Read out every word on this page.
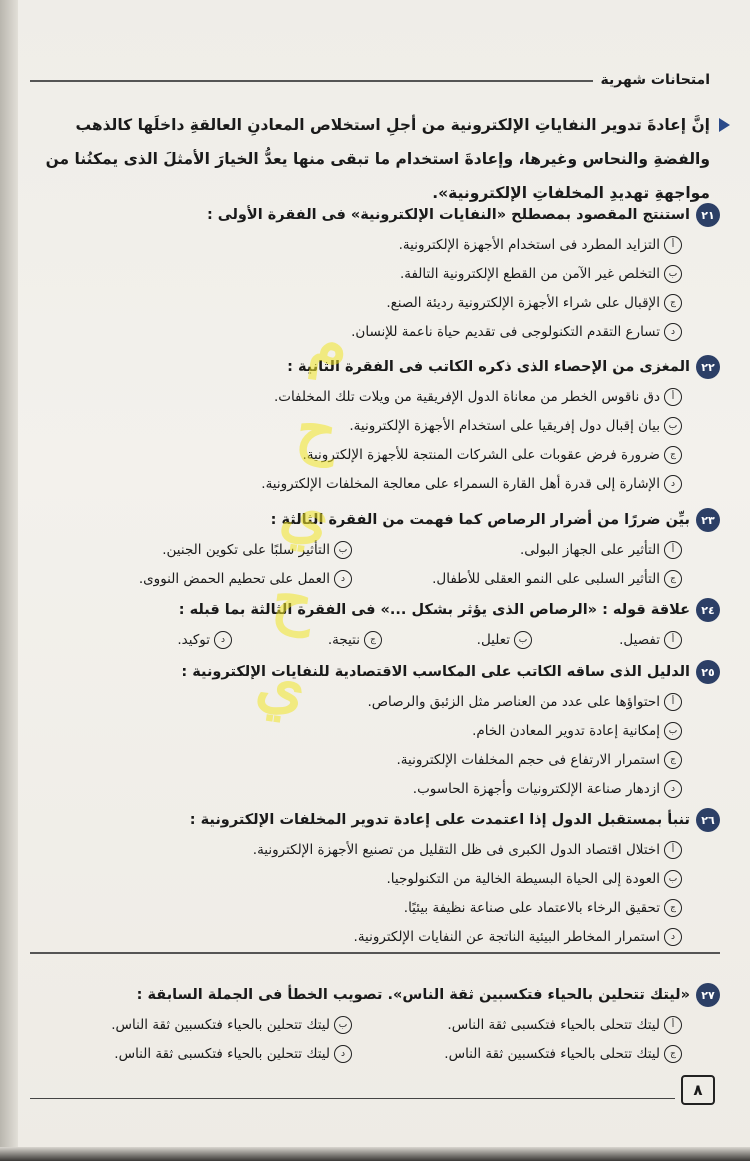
امتحانات شهرية
إنَّ إعادةَ تدوير النفاياتِ الإلكترونية من أجلِ استخلاص المعادنِ العالقةِ داخلَها كالذهب والفضةِ والنحاس وغيرها، وإعادةَ استخدام ما تبقى منها يعدُّ الخيارَ الأمثلَ الذى يمكنُنا من مواجهةِ تهديدِ المخلفاتِ الإلكترونية».
٢١
استنتج المقصود بمصطلح «النفايات الإلكترونية» فى الفقرة الأولى :
أ
التزايد المطرد فى استخدام الأجهزة الإلكترونية.
ب
التخلص غير الآمن من القطع الإلكترونية التالفة.
ج
الإقبال على شراء الأجهزة الإلكترونية رديئة الصنع.
د
تسارع التقدم التكنولوجى فى تقديم حياة ناعمة للإنسان.
٢٢
المغزى من الإحصاء الذى ذكره الكاتب فى الفقرة الثانية :
أ
دق ناقوس الخطر من معاناة الدول الإفريقية من ويلات تلك المخلفات.
ب
بيان إقبال دول إفريقيا على استخدام الأجهزة الإلكترونية.
ج
ضرورة فرض عقوبات على الشركات المنتجة للأجهزة الإلكترونية.
د
الإشارة إلى قدرة أهل القارة السمراء على معالجة المخلفات الإلكترونية.
٢٣
بيِّن ضررًا من أضرار الرصاص كما فهمت من الفقرة الثالثة :
أ
التأثير على الجهاز البولى.
ب
التأثير سلبًا على تكوين الجنين.
ج
التأثير السلبى على النمو العقلى للأطفال.
د
العمل على تحطيم الحمض النووى.
٢٤
علاقة قوله : «الرصاص الذى يؤثر بشكل ...» فى الفقرة الثالثة بما قبله :
أ
تفصيل.
ب
تعليل.
ج
نتيجة.
د
توكيد.
٢٥
الدليل الذى ساقه الكاتب على المكاسب الاقتصادية للنفايات الإلكترونية :
أ
احتواؤها على عدد من العناصر مثل الزئبق والرصاص.
ب
إمكانية إعادة تدوير المعادن الخام.
ج
استمرار الارتفاع فى حجم المخلفات الإلكترونية.
د
ازدهار صناعة الإلكترونيات وأجهزة الحاسوب.
٢٦
تنبأ بمستقبل الدول إذا اعتمدت على إعادة تدوير المخلفات الإلكترونية :
أ
اختلال اقتصاد الدول الكبرى فى ظل التقليل من تصنيع الأجهزة الإلكترونية.
ب
العودة إلى الحياة البسيطة الخالية من التكنولوجيا.
ج
تحقيق الرخاء بالاعتماد على صناعة نظيفة بيئيًا.
د
استمرار المخاطر البيئية الناتجة عن النفايات الإلكترونية.
٢٧
«ليتك تتحلين بالحياء فتكسبين ثقة الناس». تصويب الخطأ فى الجملة السابقة :
أ
ليتك تتحلى بالحياء فتكسبى ثقة الناس.
ب
ليتك تتحلين بالحياء فتكسبين ثقة الناس.
ج
ليتك تتحلى بالحياء فتكسبين ثقة الناس.
د
ليتك تتحلين بالحياء فتكسبى ثقة الناس.
٨
م
ح
ي
ح
ي
